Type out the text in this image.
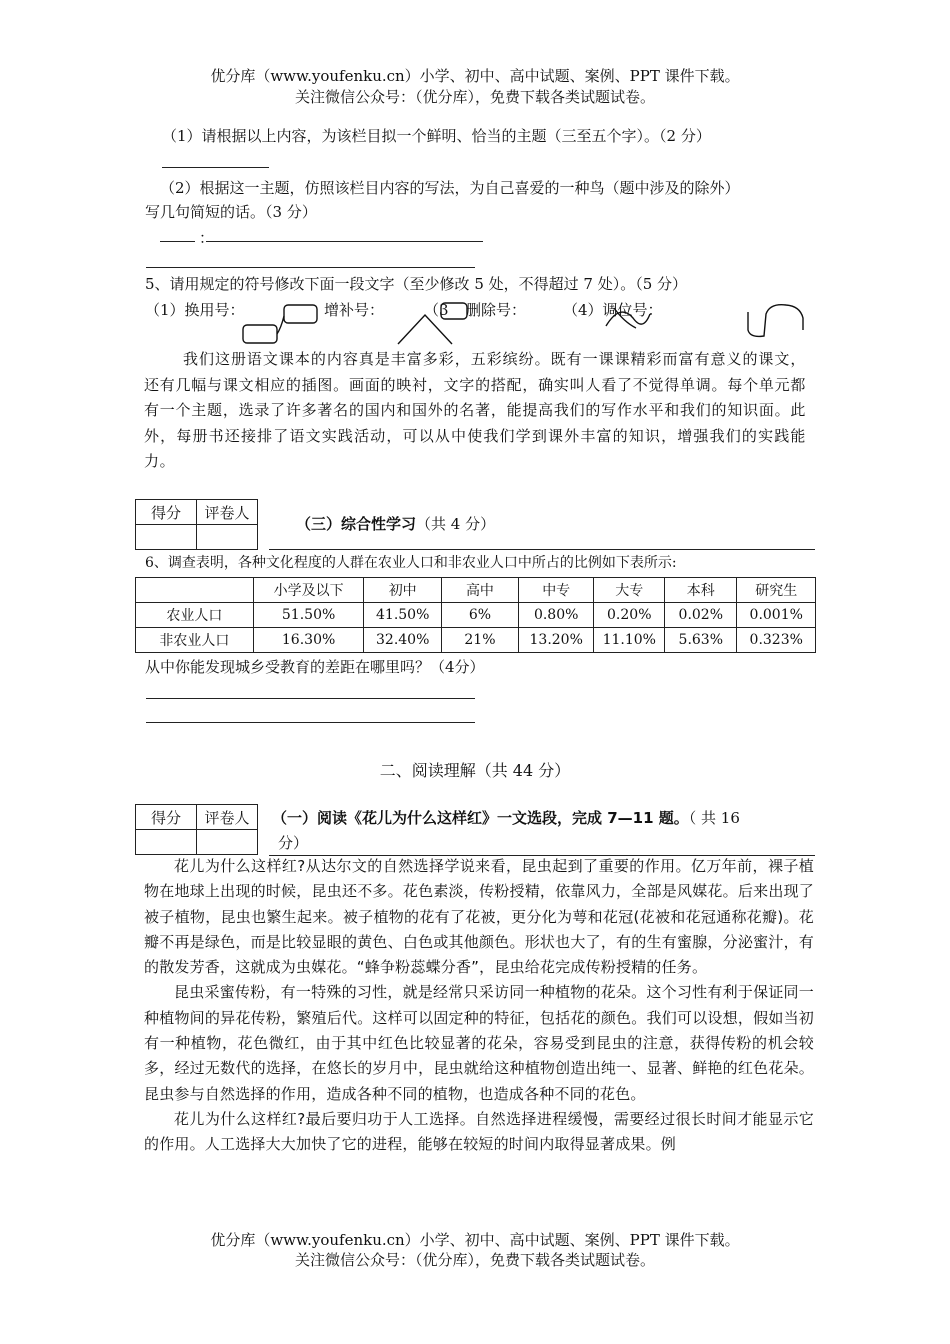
优分库（www.youfenku.cn）小学、初中、高中试题、案例、PPT 课件下载。
关注微信公众号：（优分库），免费下载各类试题试卷。
（1）请根据以上内容，为该栏目拟一个鲜明、恰当的主题（三至五个字）。（2 分）
（2）根据这一主题，仿照该栏目内容的写法，为自己喜爱的一种鸟（题中涉及的除外）
写几句简短的话。（3 分）
：
5、请用规定的符号修改下面一段文字（至少修改 5 处，不得超过 7 处）。（5 分）
（1）换用号：	增补号：	（3 删除号： （4）调位号：
我们这册语文课本的内容真是丰富多彩，五彩缤纷。既有一课课精彩而富有意义的课文，还有几幅与课文相应的插图。画面的映衬，文字的搭配，确实叫人看了不觉得单调。每个单元都有一个主题，选录了许多著名的国内和国外的名著，能提高我们的写作水平和我们的知识面。此外，每册书还接排了语文实践活动，可以从中使我们学到课外丰富的知识，增强我们的实践能力。
得分	评卷人

（三）综合性学习（共 4 分）
6、调查表明，各种文化程度的人群在农业人口和非农业人口中所占的比例如下表所示:
	小学及以下	初中	高中	中专	大专	本科	研究生
农业人口	51.50%	41.50%	6%	0.80%	0.20%	0.02%	0.001%
非农业人口	16.30%	32.40%	21%	13.20%	11.10%	5.63%	0.323%
从中你能发现城乡受教育的差距在哪里吗？（4分）
二、阅读理解（共 44 分）
得分	评卷人
	（一）阅读《花儿为什么这样红》一文选段，完成 7—11 题。（ 共 16
分）

花儿为什么这样红?从达尔文的自然选择学说来看，昆虫起到了重要的作用。亿万年前，裸子植物在地球上出现的时候，昆虫还不多。花色素淡，传粉授精，依靠风力，全部是风媒花。后来出现了被子植物，昆虫也繁生起来。被子植物的花有了花被，更分化为萼和花冠(花被和花冠通称花瓣)。花瓣不再是绿色，而是比较显眼的黄色、白色或其他颜色。形状也大了，有的生有蜜腺，分泌蜜汁，有的散发芳香，这就成为虫媒花。“蜂争粉蕊蝶分香”，昆虫给花完成传粉授精的任务。

昆虫采蜜传粉，有一特殊的习性，就是经常只采访同一种植物的花朵。这个习性有利于保证同一种植物间的异花传粉，繁殖后代。这样可以固定种的特征，包括花的颜色。我们可以设想，假如当初有一种植物，花色微红，由于其中红色比较显著的花朵，容易受到昆虫的注意，获得传粉的机会较多，经过无数代的选择，在悠长的岁月中，昆虫就给这种植物创造出纯一、显著、鲜艳的红色花朵。昆虫参与自然选择的作用，造成各种不同的植物，也造成各种不同的花色。

花儿为什么这样红?最后要归功于人工选择。自然选择进程缓慢，需要经过很长时间才能显示它的作用。人工选择大大加快了它的进程，能够在较短的时间内取得显著成果。例

优分库（www.youfenku.cn）小学、初中、高中试题、案例、PPT 课件下载。
关注微信公众号：（优分库），免费下载各类试题试卷。
